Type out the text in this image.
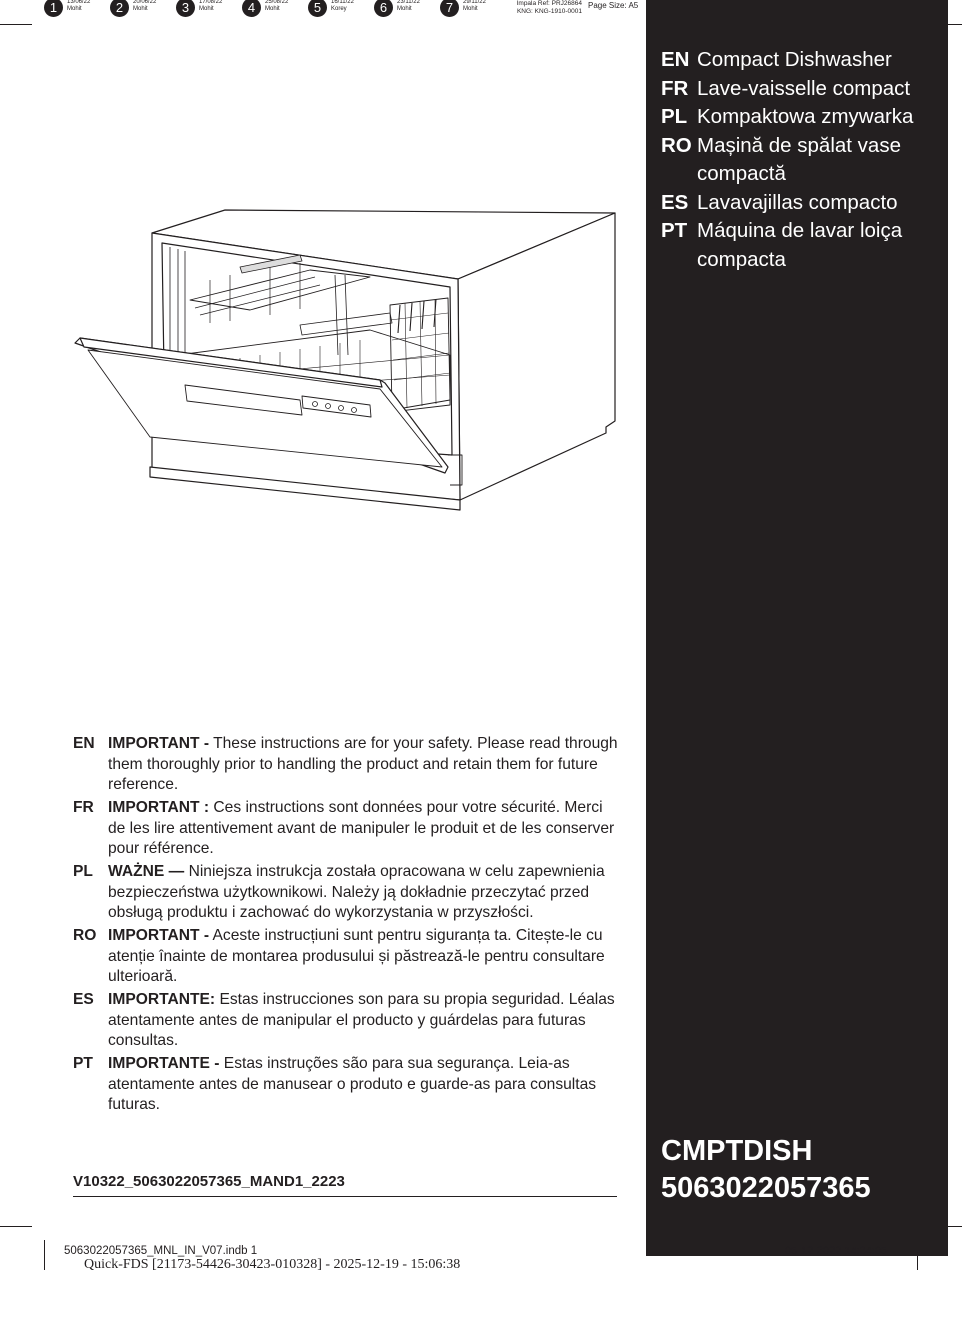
1	13/06/22
Mohit	2	20/06/22
Mohit	3	17/08/22
Mohit	4	25/08/22
Mohit	5	16/11/22
Korey	6	23/11/22
Mohit	7	29/11/22
Mohit
Impala Ref: PRJ26864
KNG: KNG-1910-0001
Page Size: A5
EN IMPORTANT - These instructions are for your safety. Please read through them thoroughly prior to handling the product and retain them for future reference.
FR IMPORTANT : Ces instructions sont données pour votre sécurité. Merci de les lire attentivement avant de manipuler le produit et de les conserver pour référence.
PL WAŻNE — Niniejsza instrukcja została opracowana w celu zapewnienia bezpieczeństwa użytkownikowi. Należy ją dokładnie przeczytać przed obsługą produktu i zachować do wykorzystania w przyszłości.
RO IMPORTANT - Aceste instrucțiuni sunt pentru siguranța ta. Citește-le cu atenție înainte de montarea produsului și păstrează-le pentru consultare ulterioară.
ES IMPORTANTE: Estas instrucciones son para su propia seguridad. Léalas atentamente antes de manipular el producto y guárdelas para futuras consultas.
PT IMPORTANTE - Estas instruções são para sua segurança. Leia-as atentamente antes de manusear o produto e guarde-as para consultas futuras.
V10322_5063022057365_MAND1_2223
EN Compact Dishwasher
FR Lave-vaisselle compact
PL Kompaktowa zmywarka
RO Mașină de spălat vase compactă
ES Lavavajillas compacto
PT Máquina de lavar loiça compacta
CMPTDISH
5063022057365
5063022057365_MNL_IN_V07.indb 1
Quick-FDS [21173-54426-30423-010328] - 2025-12-19 - 15:06:38
05-12-2022 14:34:05
